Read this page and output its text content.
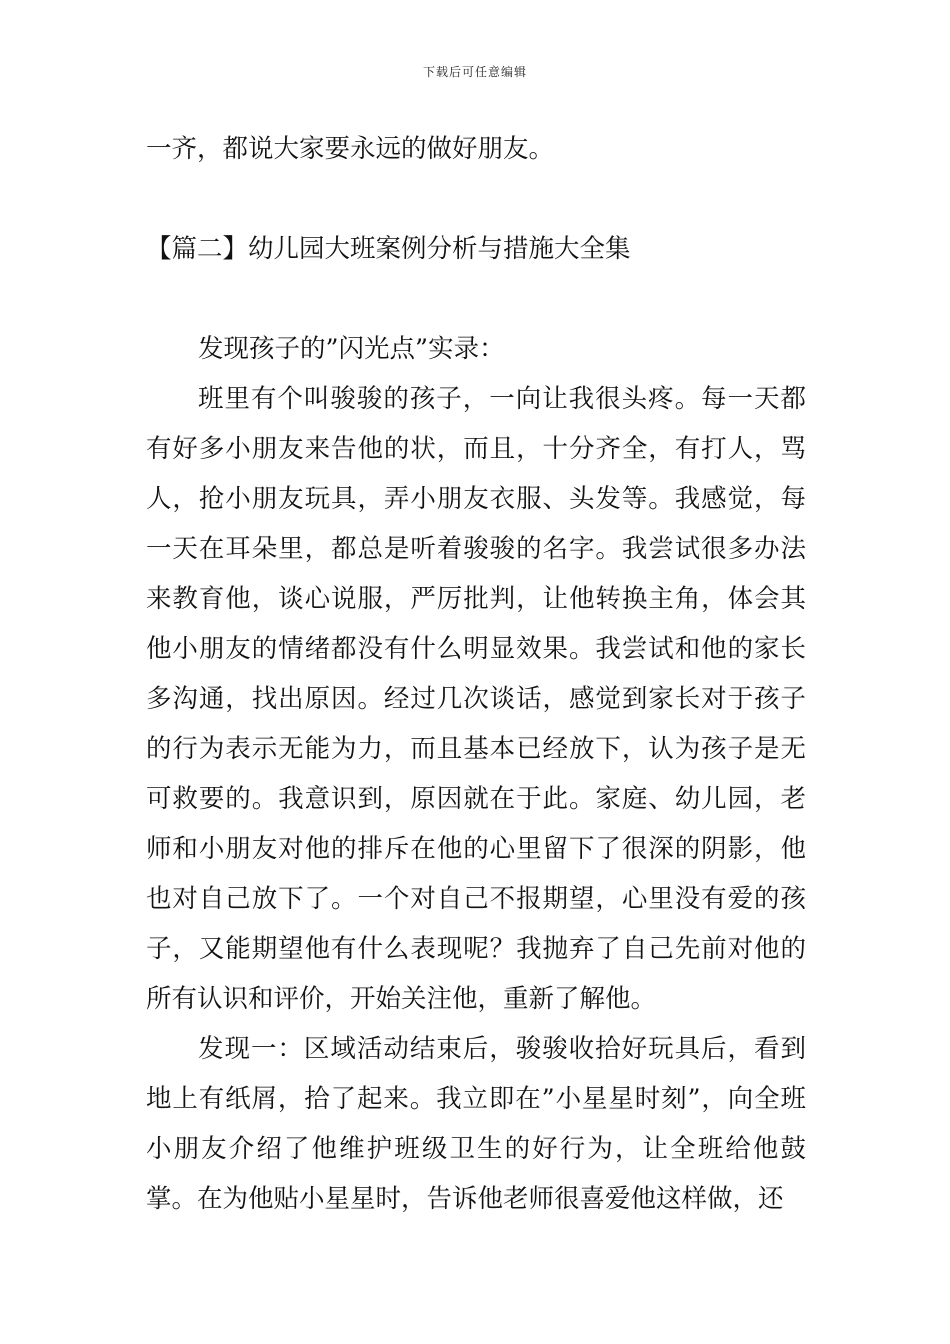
下载后可任意编辑

一齐，都说大家要永远的做好朋友。

【篇二】幼儿园大班案例分析与措施大全集

发现孩子的”闪光点”实录：

班里有个叫骏骏的孩子，一向让我很头疼。每一天都有好多小朋友来告他的状，而且，十分齐全，有打人，骂人，抢小朋友玩具，弄小朋友衣服、头发等。我感觉，每一天在耳朵里，都总是听着骏骏的名字。我尝试很多办法来教育他，谈心说服，严厉批判，让他转换主角，体会其他小朋友的情绪都没有什么明显效果。我尝试和他的家长多沟通，找出原因。经过几次谈话，感觉到家长对于孩子的行为表示无能为力，而且基本已经放下，认为孩子是无可救要的。我意识到，原因就在于此。家庭、幼儿园，老师和小朋友对他的排斥在他的心里留下了很深的阴影，他也对自己放下了。一个对自己不报期望，心里没有爱的孩子，又能期望他有什么表现呢？我抛弃了自己先前对他的所有认识和评价，开始关注他，重新了解他。

发现一：区域活动结束后，骏骏收拾好玩具后，看到地上有纸屑，拾了起来。我立即在”小星星时刻”，向全班小朋友介绍了他维护班级卫生的好行为，让全班给他鼓掌。在为他贴小星星时，告诉他老师很喜爱他这样做，还
